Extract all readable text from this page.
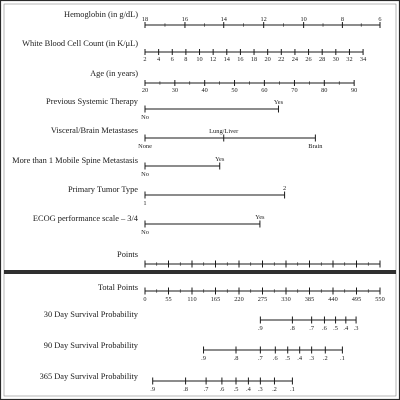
Hemoglobin (in g/dL)
18	16	14	12	10	8	6
White Blood Cell Count (in K/μL)
2 4 6 8 10 12 14 16 18 20 22 24 26 28 30 32 34
Age (in years)
20	30	40	50	60	70	80	90
Previous Systemic Therapy
No
Yes
Visceral/Brain Metastases
None
Lung/Liver
Brain
More than 1 Mobile Spine Metastasis
No
Yes
Primary Tumor Type
1
2
ECOG performance scale – 3/4
No
Yes
Points
Total Points
0	55 110 165 220 275 330 385 440 495 550
30 Day Survival Probability
.9	.8 .7 .6 .5 .4 .3
90 Day Survival Probability
.9	.8	.7 .6 .5 .4 .3 .2 .1
365 Day Survival Probability
.9	.8 .7 .6 .5 .4 .3 .2 .1
